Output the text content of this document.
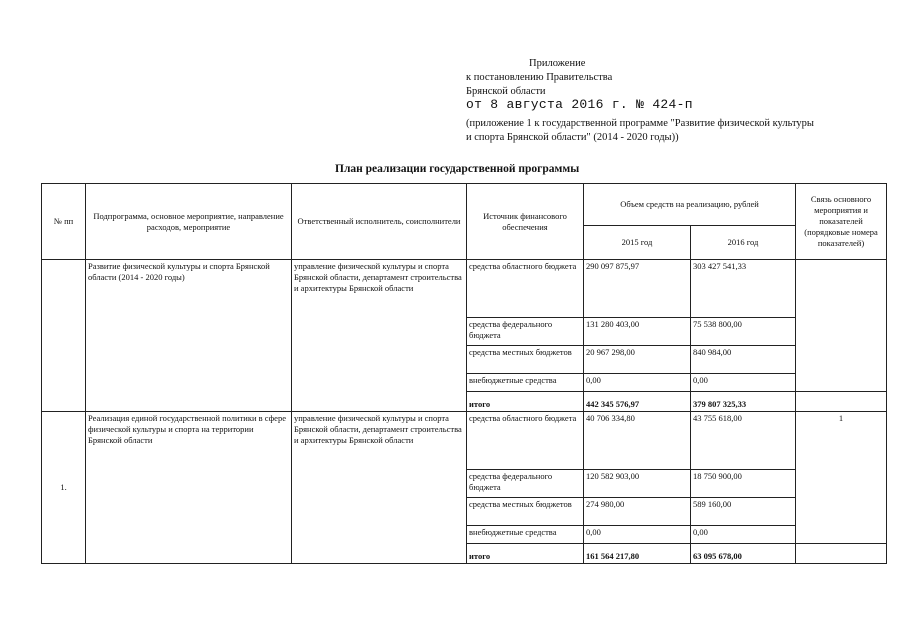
Приложение
к постановлению Правительства
Брянской области
от 8 августа 2016 г. № 424-п
(приложение 1 к государственной программе "Развитие физической культуры
и спорта Брянской области" (2014 - 2020 годы))
План реализации государственной программы
№ пп	Подпрограмма, основное мероприятие, направление расходов, мероприятие	Ответственный исполнитель, соисполнители	Источник финансового обеспечения	Объем средств на реализацию, рублей		Связь основного мероприятия и показателей (порядковые номера показателей)
				2015 год	2016 год	
	Развитие физической культуры и спорта Брянской области (2014 - 2020 годы)	управление физической культуры и спорта Брянской области, департамент строительства и архитектуры Брянской области	средства областного бюджета	290 097 875,97	303 427 541,33	
			средства федерального бюджета	131 280 403,00	75 538 800,00	
			средства местных бюджетов	20 967 298,00	840 984,00	
			внебюджетные средства	0,00	0,00	
			итого	442 345 576,97	379 807 325,33	
1.	Реализация единой государственной политики в сфере физической культуры и спорта на территории Брянской области	управление физической культуры и спорта Брянской области, департамент строительства и архитектуры Брянской области	средства областного бюджета	40 706 334,80	43 755 618,00	1
			средства федерального бюджета	120 582 903,00	18 750 900,00	
			средства местных бюджетов	274 980,00	589 160,00	
			внебюджетные средства	0,00	0,00	
			итого	161 564 217,80	63 095 678,00	
